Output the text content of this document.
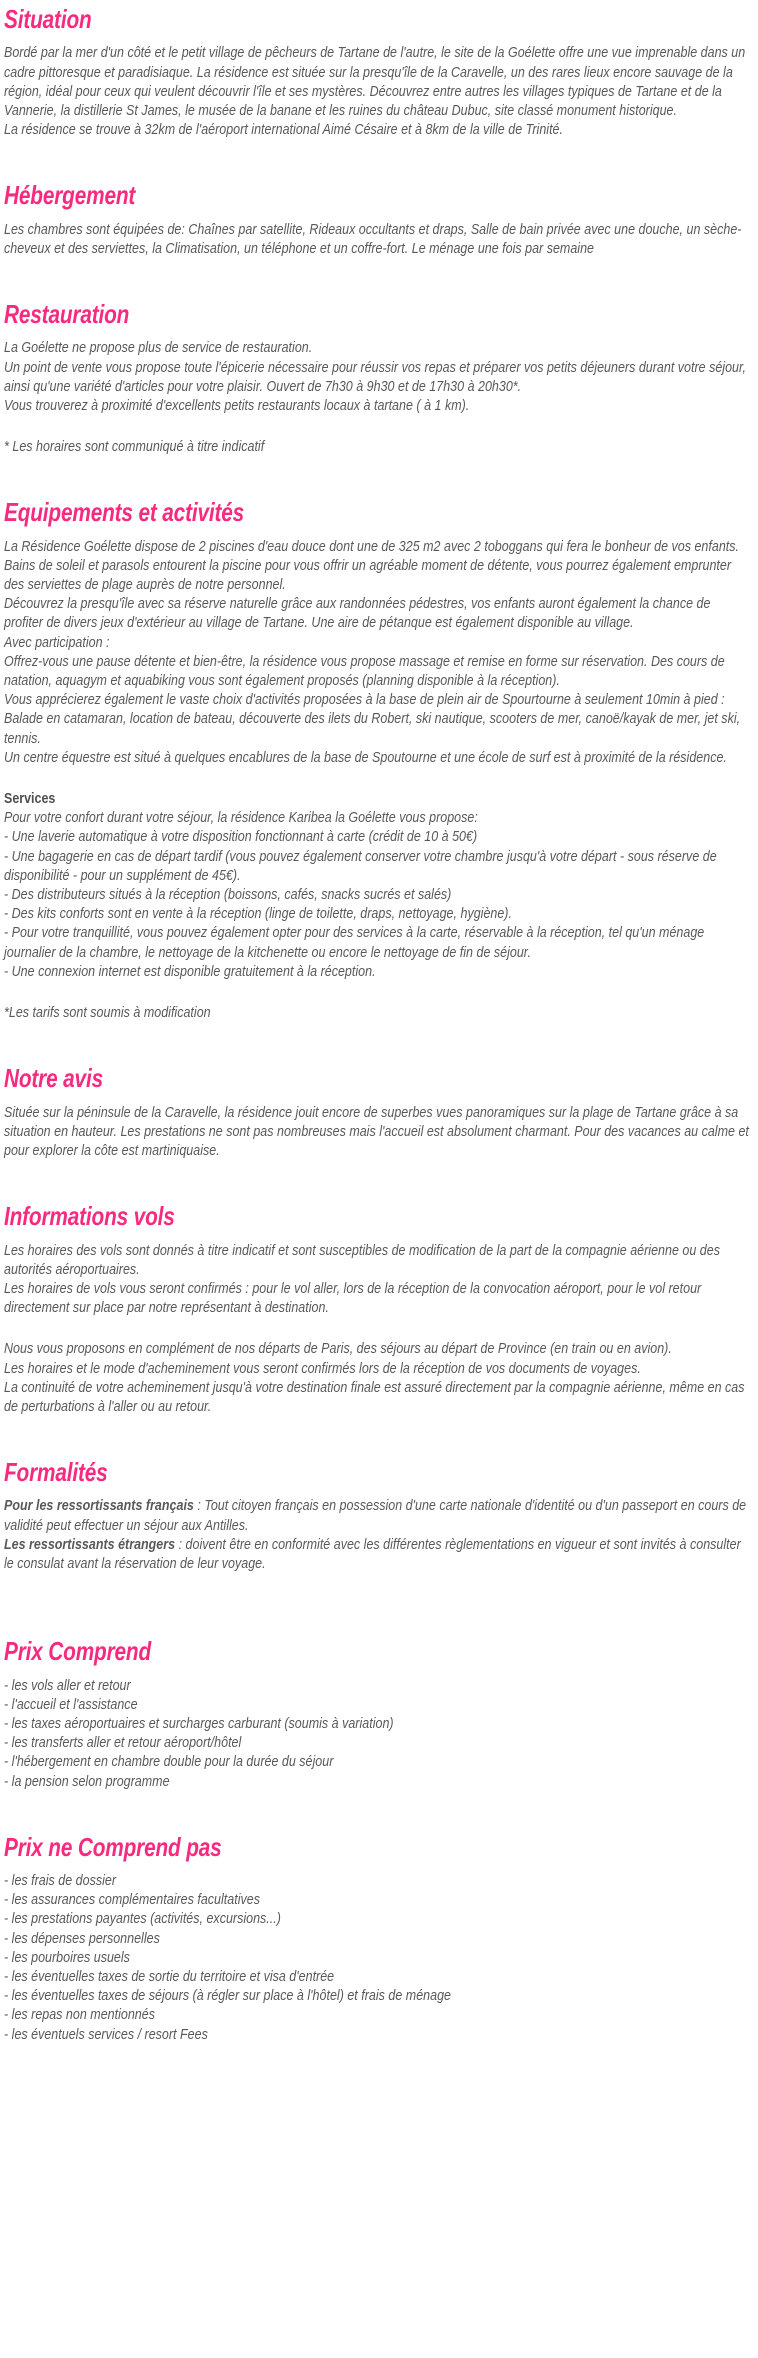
Situation

Bordé par la mer d'un côté et le petit village de pêcheurs de Tartane de l'autre, le site de la Goélette offre une vue imprenable dans un cadre pittoresque et paradisiaque. La résidence est située sur la presqu'île de la Caravelle, un des rares lieux encore sauvage de la région, idéal pour ceux qui veulent découvrir l'île et ses mystères. Découvrez entre autres les villages typiques de Tartane et de la Vannerie, la distillerie St James, le musée de la banane et les ruines du château Dubuc, site classé monument historique.

La résidence se trouve à 32km de l'aéroport international Aimé Césaire et à 8km de la ville de Trinité.

Hébergement

Les chambres sont équipées de: Chaînes par satellite, Rideaux occultants et draps, Salle de bain privée avec une douche, un sèche-cheveux et des serviettes, la Climatisation, un téléphone et un coffre-fort. Le ménage une fois par semaine

Restauration

La Goélette ne propose plus de service de restauration.

Un point de vente vous propose toute l'épicerie nécessaire pour réussir vos repas et préparer vos petits déjeuners durant votre séjour, ainsi qu'une variété d'articles pour votre plaisir. Ouvert de 7h30 à 9h30 et de 17h30 à 20h30*.

Vous trouverez à proximité d'excellents petits restaurants locaux à tartane ( à 1 km).

* Les horaires sont communiqué à titre indicatif

Equipements et activités

La Résidence Goélette dispose de 2 piscines d'eau douce dont une de 325 m2 avec 2 toboggans qui fera le bonheur de vos enfants. Bains de soleil et parasols entourent la piscine pour vous offrir un agréable moment de détente, vous pourrez également emprunter des serviettes de plage auprès de notre personnel.

Découvrez la presqu'île avec sa réserve naturelle grâce aux randonnées pédestres, vos enfants auront également la chance de profiter de divers jeux d'extérieur au village de Tartane. Une aire de pétanque est également disponible au village.

Avec participation :

Offrez-vous une pause détente et bien-être, la résidence vous propose massage et remise en forme sur réservation. Des cours de natation, aquagym et aquabiking vous sont également proposés (planning disponible à la réception).

Vous apprécierez également le vaste choix d'activités proposées à la base de plein air de Spourtourne à seulement 10min à pied : Balade en catamaran, location de bateau, découverte des ilets du Robert, ski nautique, scooters de mer, canoë/kayak de mer, jet ski, tennis.

Un centre équestre est situé à quelques encablures de la base de Spoutourne et une école de surf est à proximité de la résidence.

Services

Pour votre confort durant votre séjour, la résidence Karibea la Goélette vous propose:

- Une laverie automatique à votre disposition fonctionnant à carte (crédit de 10 à 50€)

- Une bagagerie en cas de départ tardif (vous pouvez également conserver votre chambre jusqu'à votre départ - sous réserve de disponibilité - pour un supplément de 45€).

- Des distributeurs situés à la réception (boissons, cafés, snacks sucrés et salés)

- Des kits conforts sont en vente à la réception (linge de toilette, draps, nettoyage, hygiène).

- Pour votre tranquillité, vous pouvez également opter pour des services à la carte, réservable à la réception, tel qu'un ménage journalier de la chambre, le nettoyage de la kitchenette ou encore le nettoyage de fin de séjour.

- Une connexion internet est disponible gratuitement à la réception.

*Les tarifs sont soumis à modification

Notre avis

Située sur la péninsule de la Caravelle, la résidence jouit encore de superbes vues panoramiques sur la plage de Tartane grâce à sa situation en hauteur. Les prestations ne sont pas nombreuses mais l'accueil est absolument charmant. Pour des vacances au calme et pour explorer la côte est martiniquaise.

Informations vols

Les horaires des vols sont donnés à titre indicatif et sont susceptibles de modification de la part de la compagnie aérienne ou des autorités aéroportuaires.

Les horaires de vols vous seront confirmés : pour le vol aller, lors de la réception de la convocation aéroport, pour le vol retour directement sur place par notre représentant à destination.

Nous vous proposons en complément de nos départs de Paris, des séjours au départ de Province (en train ou en avion).

Les horaires et le mode d'acheminement vous seront confirmés lors de la réception de vos documents de voyages.

La continuité de votre acheminement jusqu'à votre destination finale est assuré directement par la compagnie aérienne, même en cas de perturbations à l'aller ou au retour.

Formalités
Pour les ressortissants français : Tout citoyen français en possession d'une carte nationale d'identité ou d'un passeport en cours de validité peut effectuer un séjour aux Antilles.
Les ressortissants étrangers : doivent être en conformité avec les différentes règlementations en vigueur et sont invités à consulter le consulat avant la réservation de leur voyage.
Prix Comprend

- les vols aller et retour

- l'accueil et l'assistance

- les taxes aéroportuaires et surcharges carburant (soumis à variation)

- les transferts aller et retour aéroport/hôtel

- l'hébergement en chambre double pour la durée du séjour

- la pension selon programme

Prix ne Comprend pas

- les frais de dossier

- les assurances complémentaires facultatives

- les prestations payantes (activités, excursions...)

- les dépenses personnelles

- les pourboires usuels

- les éventuelles taxes de sortie du territoire et visa d'entrée

- les éventuelles taxes de séjours (à régler sur place à l'hôtel) et frais de ménage

- les repas non mentionnés

- les éventuels services / resort Fees
